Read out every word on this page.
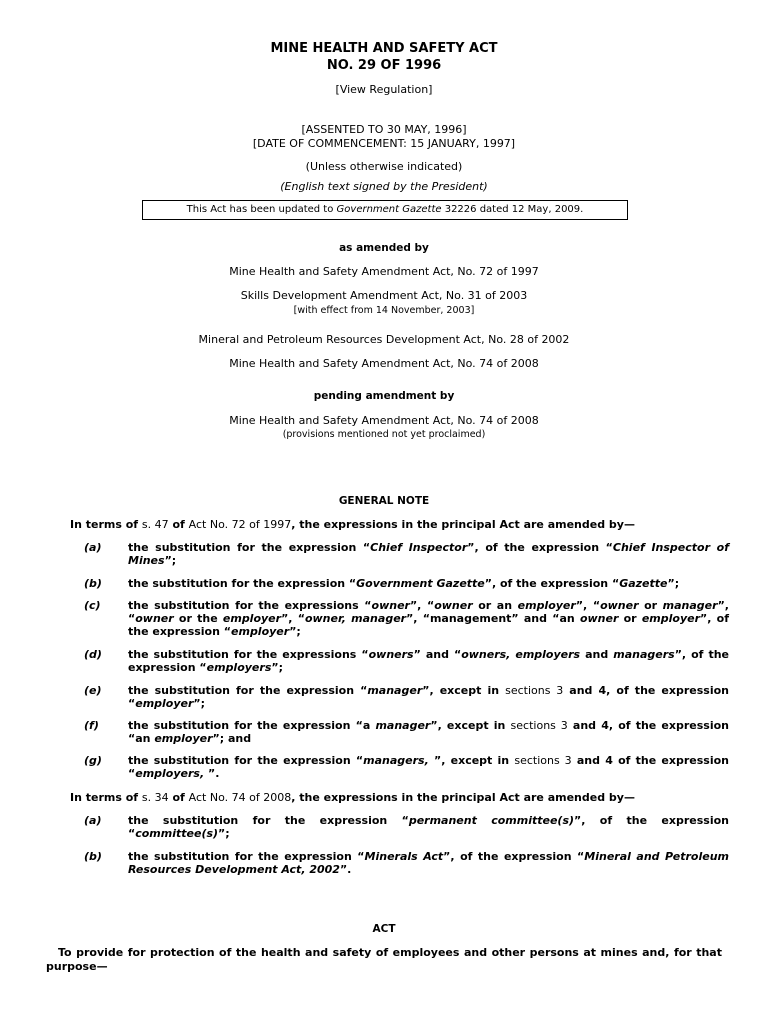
MINE HEALTH AND SAFETY ACT
NO. 29 OF 1996
[View Regulation]
[ASSENTED TO 30 MAY, 1996]
[DATE OF COMMENCEMENT: 15 JANUARY, 1997]
(Unless otherwise indicated)
(English text signed by the President)
This Act has been updated to Government Gazette 32226 dated 12 May, 2009.
as amended by
Mine Health and Safety Amendment Act, No. 72 of 1997
Skills Development Amendment Act, No. 31 of 2003
[with effect from 14 November, 2003]
Mineral and Petroleum Resources Development Act, No. 28 of 2002
Mine Health and Safety Amendment Act, No. 74 of 2008
pending amendment by
Mine Health and Safety Amendment Act, No. 74 of 2008
(provisions mentioned not yet proclaimed)
GENERAL NOTE
In terms of s. 47 of Act No. 72 of 1997, the expressions in the principal Act are amended by—
(a)	the substitution for the expression “Chief Inspector”, of the expression “Chief Inspector of Mines”;
(b)	the substitution for the expression “Government Gazette”, of the expression “Gazette”;
(c)	the substitution for the expressions “owner”, “owner or an employer”, “owner or manager”, “owner or the employer”, “owner, manager”, “management” and “an owner or employer”, of the expression “employer”;
(d)	the substitution for the expressions “owners” and “owners, employers and managers”, of the expression “employers”;
(e)	the substitution for the expression “manager”, except in sections 3 and 4, of the expression “employer”;
(f)	the substitution for the expression “a manager”, except in sections 3 and 4, of the expression “an employer”; and
(g)	the substitution for the expression “managers, ”, except in sections 3 and 4 of the expression “employers, ”.
In terms of s. 34 of Act No. 74 of 2008, the expressions in the principal Act are amended by—
(a)	the substitution for the expression “permanent committee(s)”, of the expression “committee(s)”;
(b)	the substitution for the expression “Minerals Act”, of the expression “Mineral and Petroleum Resources Development Act, 2002”.
ACT
To provide for protection of the health and safety of employees and other persons at mines and, for that purpose—
